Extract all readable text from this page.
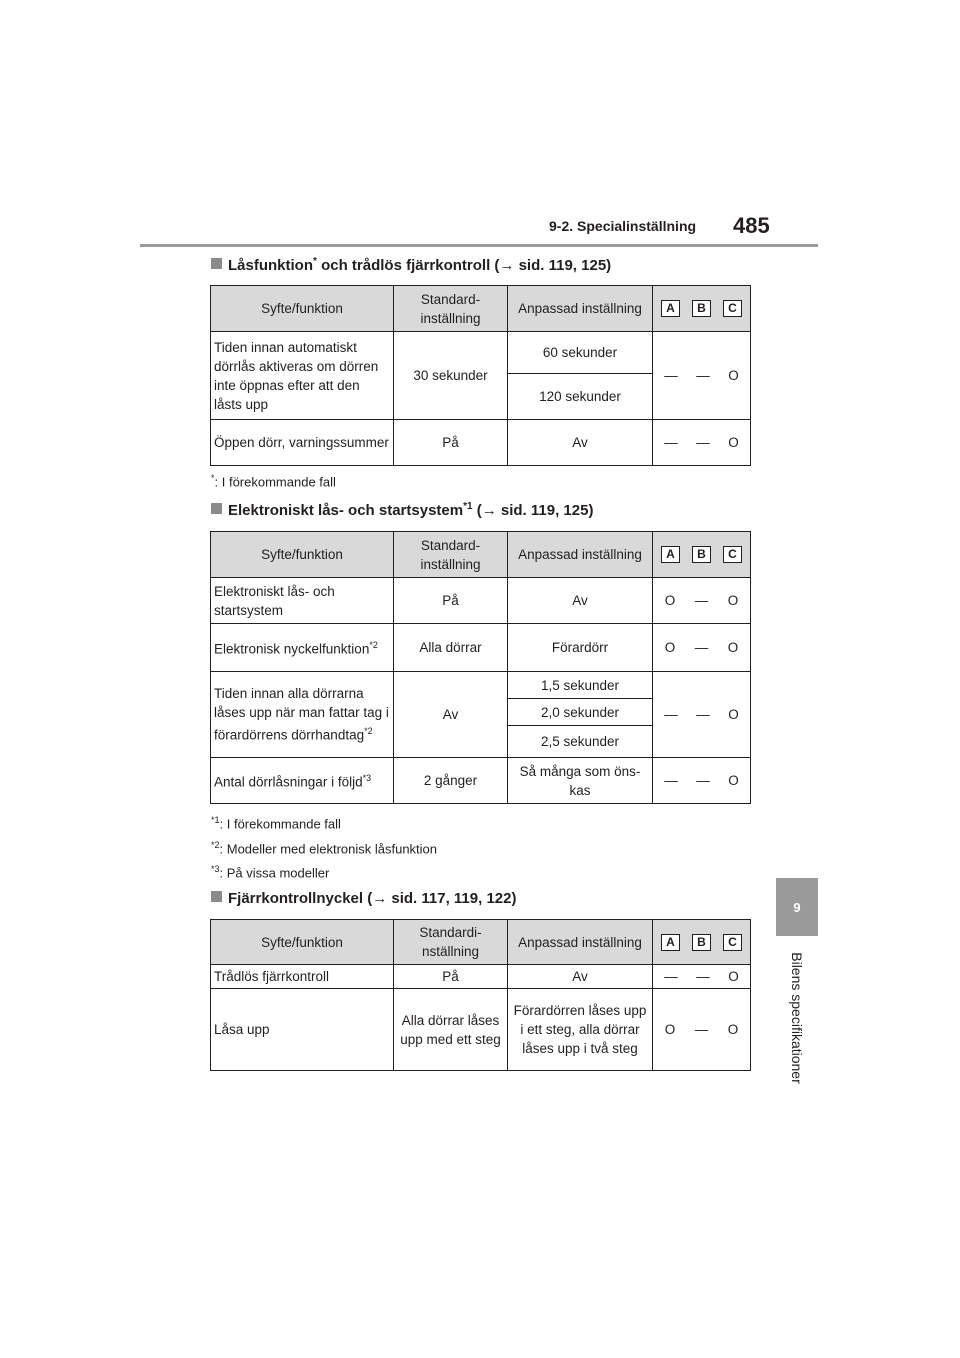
9-2. Specialinställning 485
9
Bilens specifikationer
Låsfunktion* och trådlös fjärrkontroll (→ sid. 119, 125)
Syfte/funktion	Standard-
inställning	Anpassad inställning	A B C

Tiden innan automatiskt dörrlås aktiveras om dörren inte öppnas efter att den låsts upp	30 sekunder	60 sekunder	— — O

		120 sekunder	
Öppen dörr, varningssummer	På	Av	— — O
*: I förekommande fall
Elektroniskt lås- och startsystem$^{*1}$ (→ sid. 119, 125)
Syfte/funktion	Standard-
inställning	Anpassad inställning	A B C

Elektroniskt lås- och startsystem	På	Av	O — O

Elektronisk nyckelfunktion$^{*2}$	Alla dörrar	Förardörr	O — O

Tiden innan alla dörrarna låses upp när man fattar tag i förardörrens dörrhandtag$^{*2}$	Av	1,5 sekunder	— — O

		2,0 sekunder	
		2,5 sekunder	
Antal dörrlåsningar i följd$^{*3}$	2 gånger	Så många som öns-
kas	— — O
$^{*1}$: I förekommande fall
$^{*2}$: Modeller med elektronisk låsfunktion
$^{*3}$: På vissa modeller
Fjärrkontrollnyckel (→ sid. 117, 119, 122)
Syfte/funktion	Standardi-
nställning	Anpassad inställning	A B C

Trådlös fjärrkontroll	På	Av	— — O

Låsa upp	Alla dörrar låses upp med ett steg	Förardörren låses upp i ett steg, alla dörrar låses upp i två steg	O — O
